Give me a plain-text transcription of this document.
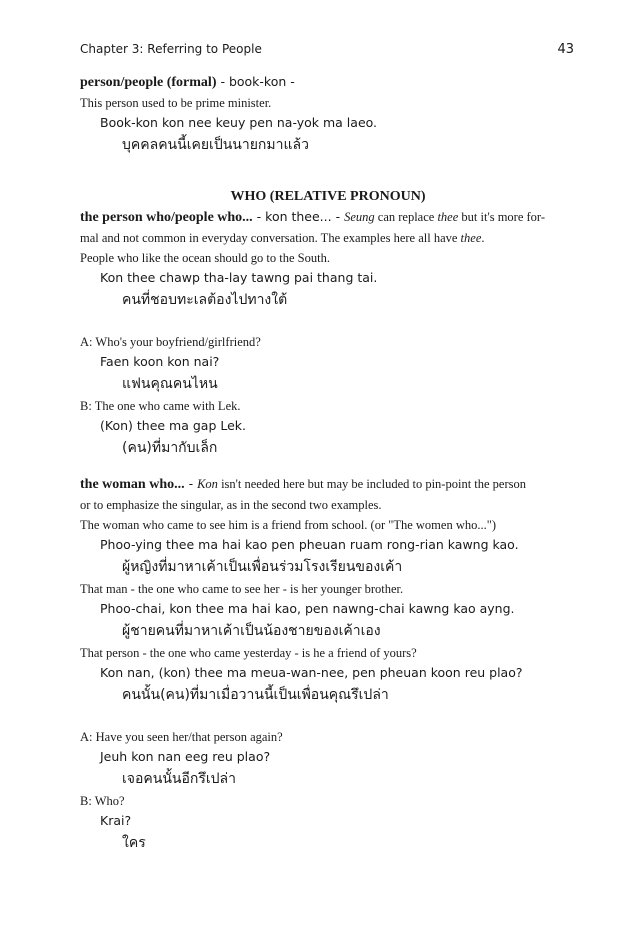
Chapter 3: Referring to People	43
person/people (formal) - book-kon -
This person used to be prime minister.
Book-kon kon nee keuy pen na-yok ma laeo.
บุคคลคนนี้เคยเป็นนายกมาแล้ว
WHO (RELATIVE PRONOUN)
the person who/people who... - kon thee... - Seung can replace thee but it's more for-
mal and not common in everyday conversation. The examples here all have thee.
People who like the ocean should go to the South.
Kon thee chawp tha-lay tawng pai thang tai.
คนที่ชอบทะเลต้องไปทางใต้
A: Who's your boyfriend/girlfriend?
Faen koon kon nai?
แฟนคุณคนไหน
B: The one who came with Lek.
(Kon) thee ma gap Lek.
(คน)ที่มากับเล็ก
the woman who... - Kon isn't needed here but may be included to pin-point the person
or to emphasize the singular, as in the second two examples.
The woman who came to see him is a friend from school. (or "The women who...")
Phoo-ying thee ma hai kao pen pheuan ruam rong-rian kawng kao.
ผู้หญิงที่มาหาเค้าเป็นเพื่อนร่วมโรงเรียนของเค้า
That man - the one who came to see her - is her younger brother.
Phoo-chai, kon thee ma hai kao, pen nawng-chai kawng kao ayng.
ผู้ชายคนที่มาหาเค้าเป็นน้องชายของเค้าเอง
That person - the one who came yesterday - is he a friend of yours?
Kon nan, (kon) thee ma meua-wan-nee, pen pheuan koon reu plao?
คนนั้น(คน)ที่มาเมื่อวานนี้เป็นเพื่อนคุณรึเปล่า
A: Have you seen her/that person again?
Jeuh kon nan eeg reu plao?
เจอคนนั้นอีกรึเปล่า
B: Who?
Krai?
ใคร
